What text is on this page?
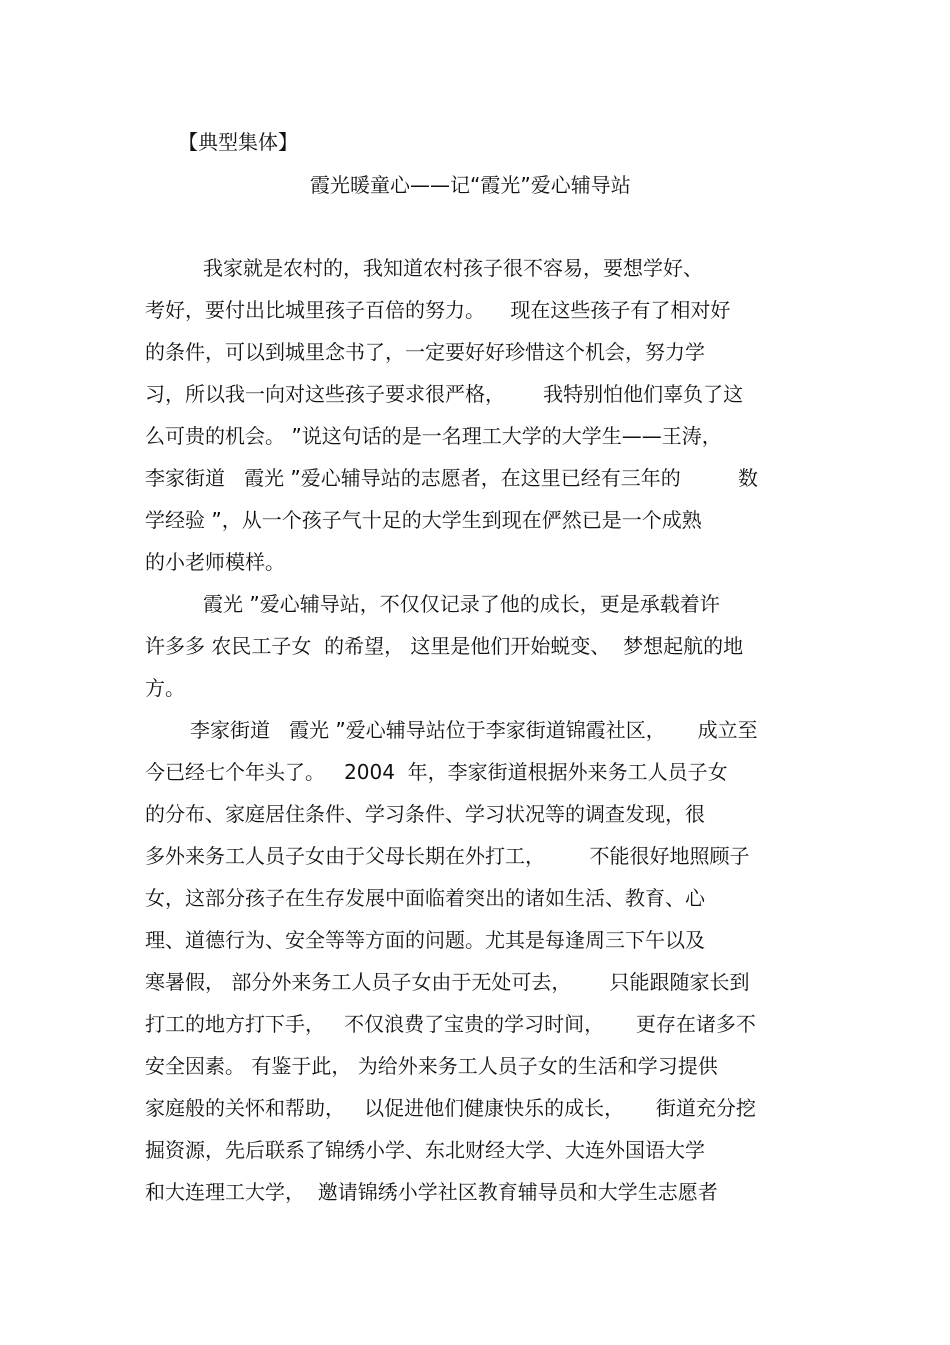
【典型集体】
霞光暖童心——记“霞光”爱心辅导站
我家就是农村的，我知道农村孩子很不容易，要想学好、
考好，要付出比城里孩子百倍的努力。    现在这些孩子有了相对好
的条件，可以到城里念书了，一定要好好珍惜这个机会，努力学
习，所以我一向对这些孩子要求很严格，      我特别怕他们辜负了这
么可贵的机会。 ”说这句话的是一名理工大学的大学生——王涛，
李家街道   霞光 ”爱心辅导站的志愿者，在这里已经有三年的         数
学经验 ”，从一个孩子气十足的大学生到现在俨然已是一个成熟
的小老师模样。
霞光 ”爱心辅导站，不仅仅记录了他的成长，更是承载着许
许多多 农民工子女  的希望， 这里是他们开始蜕变、  梦想起航的地
方。
李家街道   霞光 ”爱心辅导站位于李家街道锦霞社区，     成立至
今已经七个年头了。   2004  年，李家街道根据外来务工人员子女
的分布、家庭居住条件、学习条件、学习状况等的调查发现，很
多外来务工人员子女由于父母长期在外打工，       不能很好地照顾子
女，这部分孩子在生存发展中面临着突出的诸如生活、教育、心
理、道德行为、安全等等方面的问题。尤其是每逢周三下午以及
寒暑假， 部分外来务工人员子女由于无处可去，      只能跟随家长到
打工的地方打下手，   不仅浪费了宝贵的学习时间，     更存在诸多不
安全因素。 有鉴于此， 为给外来务工人员子女的生活和学习提供
家庭般的关怀和帮助，   以促进他们健康快乐的成长，     街道充分挖
掘资源，先后联系了锦绣小学、东北财经大学、大连外国语大学
和大连理工大学，  邀请锦绣小学社区教育辅导员和大学生志愿者
